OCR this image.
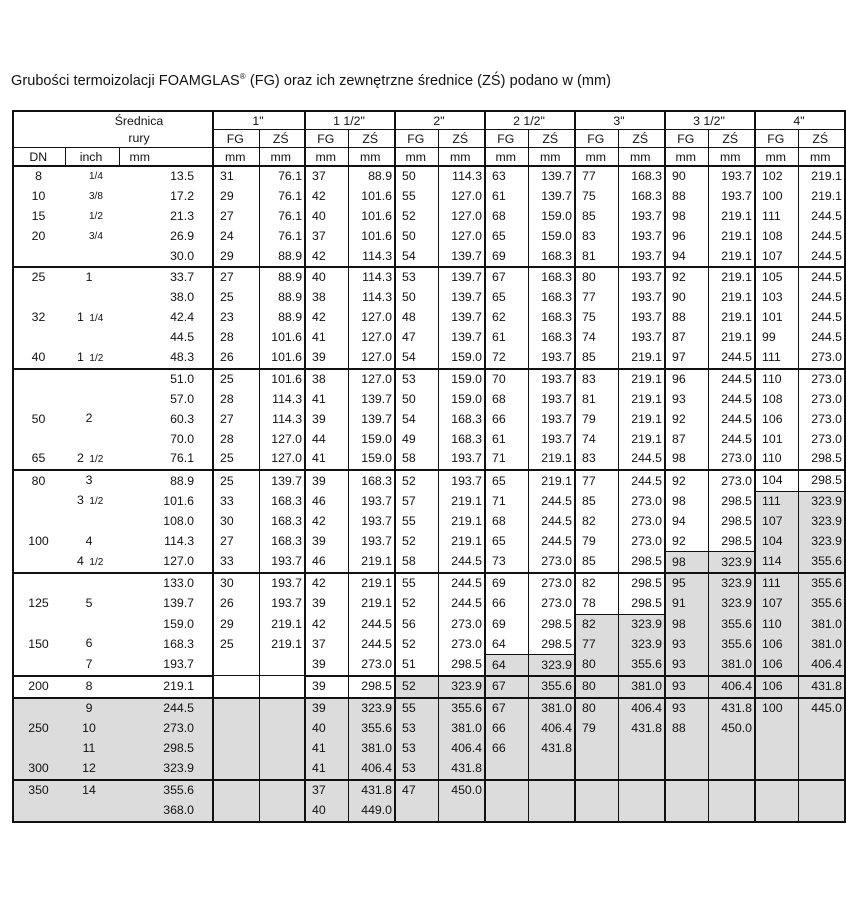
Grubości termoizolacji FOAMGLAS® (FG) oraz ich zewnętrzne średnice (ZŚ) podano w (mm)
Średnica			1"		1 1/2"		2"		2 1/2"		3"		3 1/2"		4"	
rury			FG	ZŚ	FG	ZŚ	FG	ZŚ	FG	ZŚ	FG	ZŚ	FG	ZŚ	FG	ZŚ
DN	inch	mm	mm	mm	mm	mm	mm	mm	mm	mm	mm	mm	mm	mm	mm	mm
8	1/4	13.5	31	76.1	37	88.9	50	114.3	63	139.7	77	168.3	90	193.7	102	219.1
10	3/8	17.2	29	76.1	42	101.6	55	127.0	61	139.7	75	168.3	88	193.7	100	219.1
15	1/2	21.3	27	76.1	40	101.6	52	127.0	68	159.0	85	193.7	98	219.1	111	244.5
20	3/4	26.9	24	76.1	37	101.6	50	127.0	65	159.0	83	193.7	96	219.1	108	244.5
		30.0	29	88.9	42	114.3	54	139.7	69	168.3	81	193.7	94	219.1	107	244.5
25	1	33.7	27	88.9	40	114.3	53	139.7	67	168.3	80	193.7	92	219.1	105	244.5
		38.0	25	88.9	38	114.3	50	139.7	65	168.3	77	193.7	90	219.1	103	244.5
32	1  1/4	42.4	23	88.9	42	127.0	48	139.7	62	168.3	75	193.7	88	219.1	101	244.5
		44.5	28	101.6	41	127.0	47	139.7	61	168.3	74	193.7	87	219.1	99	244.5
40	1  1/2	48.3	26	101.6	39	127.0	54	159.0	72	193.7	85	219.1	97	244.5	111	273.0
		51.0	25	101.6	38	127.0	53	159.0	70	193.7	83	219.1	96	244.5	110	273.0
		57.0	28	114.3	41	139.7	50	159.0	68	193.7	81	219.1	93	244.5	108	273.0
50	2	60.3	27	114.3	39	139.7	54	168.3	66	193.7	79	219.1	92	244.5	106	273.0
		70.0	28	127.0	44	159.0	49	168.3	61	193.7	74	219.1	87	244.5	101	273.0
65	2  1/2	76.1	25	127.0	41	159.0	58	193.7	71	219.1	83	244.5	98	273.0	110	298.5
80	3	88.9	25	139.7	39	168.3	52	193.7	65	219.1	77	244.5	92	273.0	104	298.5
	3  1/2	101.6	33	168.3	46	193.7	57	219.1	71	244.5	85	273.0	98	298.5	111	323.9
		108.0	30	168.3	42	193.7	55	219.1	68	244.5	82	273.0	94	298.5	107	323.9
100	4	114.3	27	168.3	39	193.7	52	219.1	65	244.5	79	273.0	92	298.5	104	323.9
	4  1/2	127.0	33	193.7	46	219.1	58	244.5	73	273.0	85	298.5	98	323.9	114	355.6
		133.0	30	193.7	42	219.1	55	244.5	69	273.0	82	298.5	95	323.9	111	355.6
125	5	139.7	26	193.7	39	219.1	52	244.5	66	273.0	78	298.5	91	323.9	107	355.6
		159.0	29	219.1	42	244.5	56	273.0	69	298.5	82	323.9	98	355.6	110	381.0
150	6	168.3	25	219.1	37	244.5	52	273.0	64	298.5	77	323.9	93	355.6	106	381.0
	7	193.7			39	273.0	51	298.5	64	323.9	80	355.6	93	381.0	106	406.4
200	8	219.1			39	298.5	52	323.9	67	355.6	80	381.0	93	406.4	106	431.8
	9	244.5			39	323.9	55	355.6	67	381.0	80	406.4	93	431.8	100	445.0
250	10	273.0			40	355.6	53	381.0	66	406.4	79	431.8	88	450.0		
	11	298.5			41	381.0	53	406.4	66	431.8						
300	12	323.9			41	406.4	53	431.8								
350	14	355.6			37	431.8	47	450.0								
		368.0			40	449.0										
